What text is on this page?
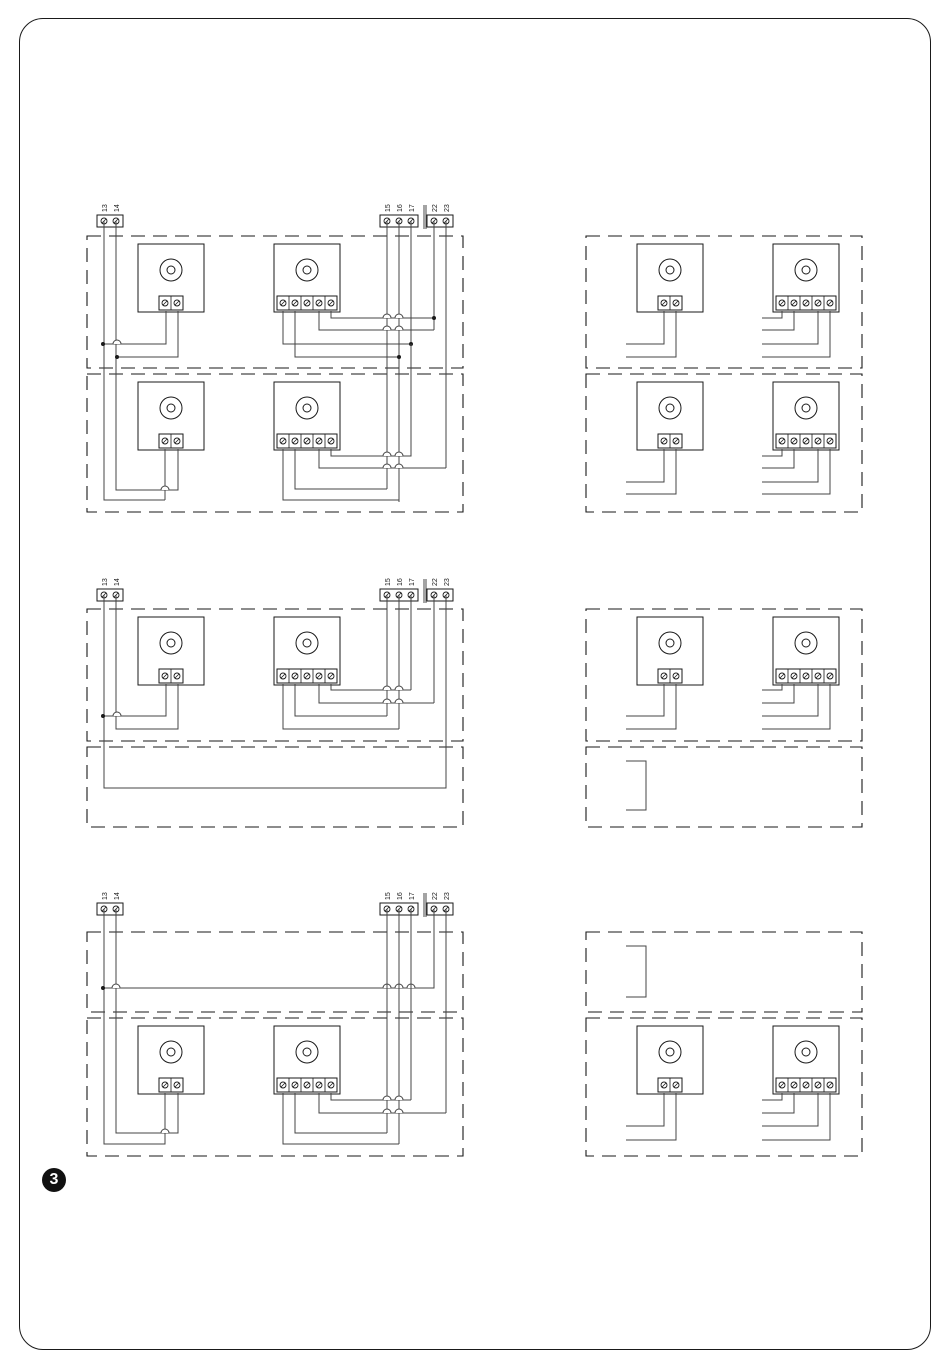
13 14	15 16 17 22 23
13 14	15 16 17 22 23
13 14	15 16 17 22 23
3
